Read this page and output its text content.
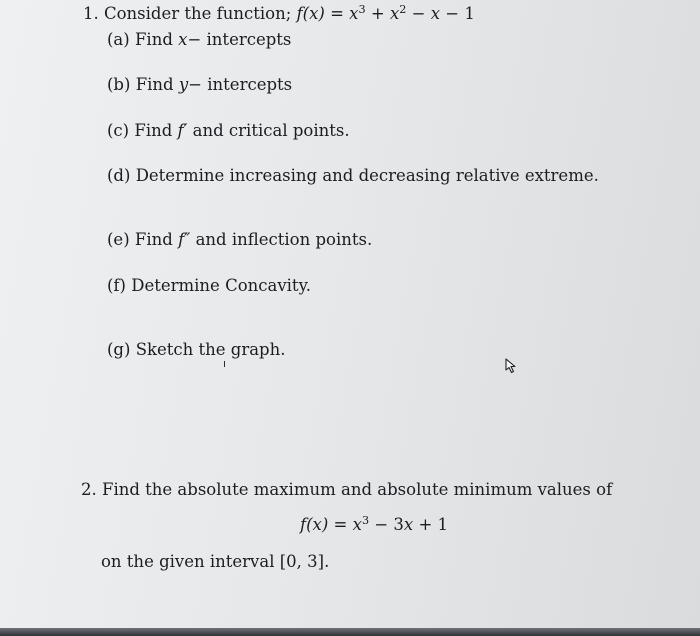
1. Consider the function; $f(x) = x^3 + x^2 - x - 1$
(a) Find x− intercepts
(b) Find y− intercepts
(c) Find f′ and critical points.
(d) Determine increasing and decreasing relative extreme.
(e) Find f″ and inflection points.
(f) Determine Concavity.
(g) Sketch the graph.
2. Find the absolute maximum and absolute minimum values of
$f(x) = x^3 - 3x + 1$
on the given interval [0, 3].
